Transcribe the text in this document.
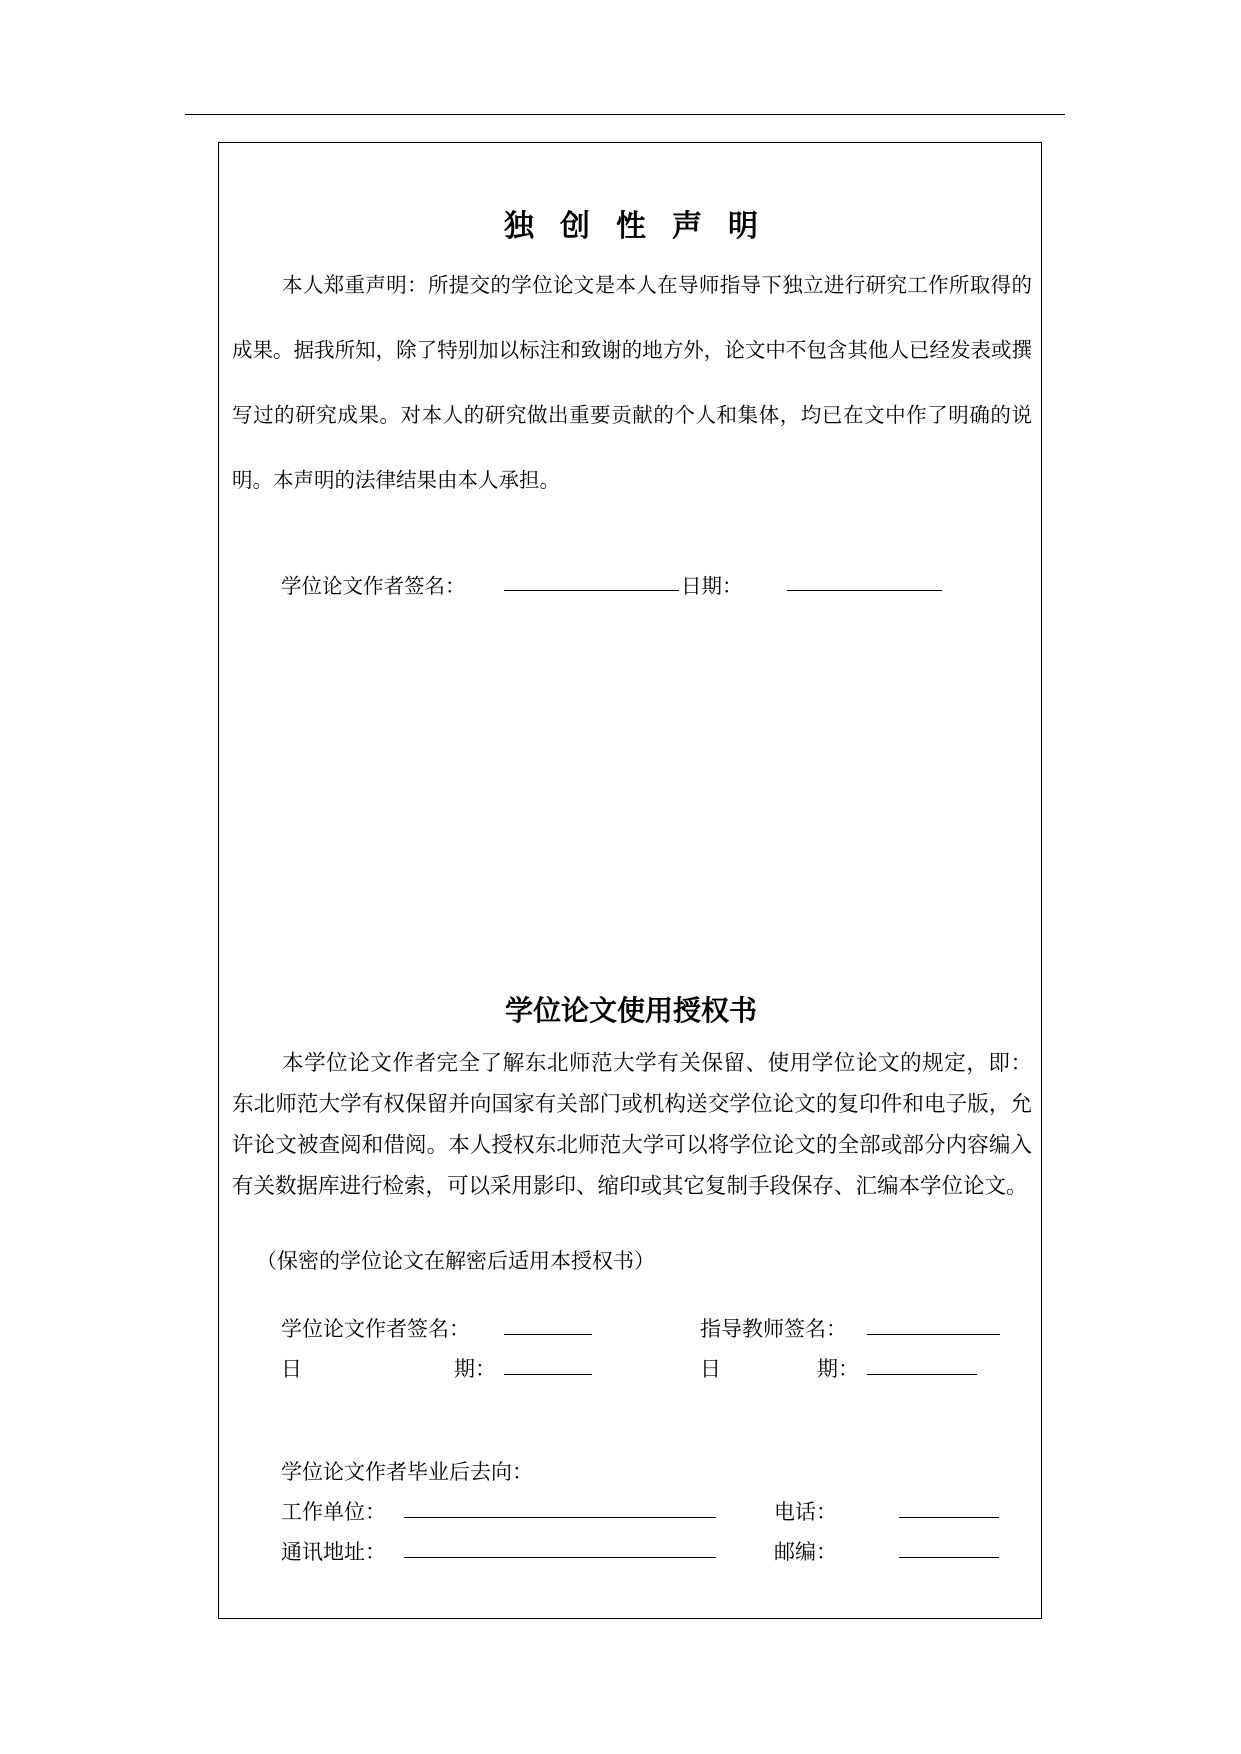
独创性声明

本人郑重声明：所提交的学位论文是本人在导师指导下独立进行研究工作所取得的成果。据我所知，除了特别加以标注和致谢的地方外，论文中不包含其他人已经发表或撰写过的研究成果。对本人的研究做出重要贡献的个人和集体，均已在文中作了明确的说明。本声明的法律结果由本人承担。

学位论文作者签名：	日期：
学位论文使用授权书

本学位论文作者完全了解东北师范大学有关保留、使用学位论文的规定，即：东北师范大学有权保留并向国家有关部门或机构送交学位论文的复印件和电子版，允许论文被查阅和借阅。本人授权东北师范大学可以将学位论文的全部或部分内容编入有关数据库进行检索，可以采用影印、缩印或其它复制手段保存、汇编本学位论文。

（保密的学位论文在解密后适用本授权书）
学位论文作者签名：	指导教师签名：
日	期：	日	期：
学位论文作者毕业后去向：
工作单位：	电话：
通讯地址：	邮编：
